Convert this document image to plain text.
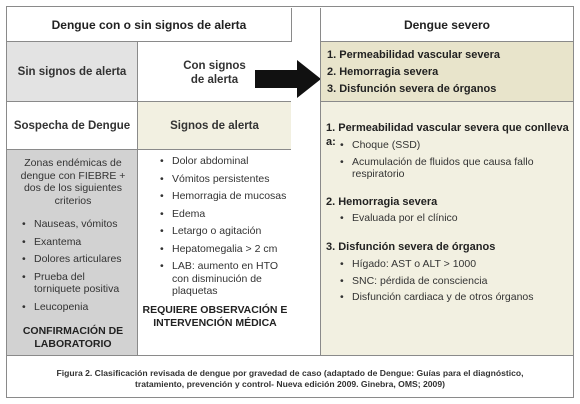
Dengue con o sin signos de alerta	Dengue severo
Sin signos de alerta	Con signos
de alerta
1. Permeabilidad vascular severa
2. Hemorragia severa
3. Disfunción severa de órganos
Sospecha de Dengue	Signos de alerta
Zonas endémicas de dengue con FIEBRE + dos de los siguientes criterios
• Nauseas, vómitos
• Exantema
• Dolores articulares
• Prueba del torniquete positiva
• Leucopenia
CONFIRMACIÓN DE
LABORATORIO
• Dolor abdominal
• Vómitos persistentes
• Hemorragia de mucosas
• Edema
• Letargo o agitación
• Hepatomegalia > 2 cm
• LAB: aumento en HTO con disminución de plaquetas
REQUIERE OBSERVACIÓN E
INTERVENCIÓN MÉDICA
1. Permeabilidad vascular severa que conlleva a:
•	Choque (SSD)
• Acumulación de fluidos que causa fallo respiratorio
2. Hemorragia severa
• Evaluada por el clínico
3. Disfunción severa de órganos
• Hígado: AST o ALT > 1000
• SNC: pérdida de consciencia
• Disfunción cardiaca y de otros órganos
Figura 2. Clasificación revisada de dengue por gravedad de caso (adaptado de Dengue: Guías para el diagnóstico,
tratamiento, prevención y control- Nueva edición 2009. Ginebra, OMS; 2009)
